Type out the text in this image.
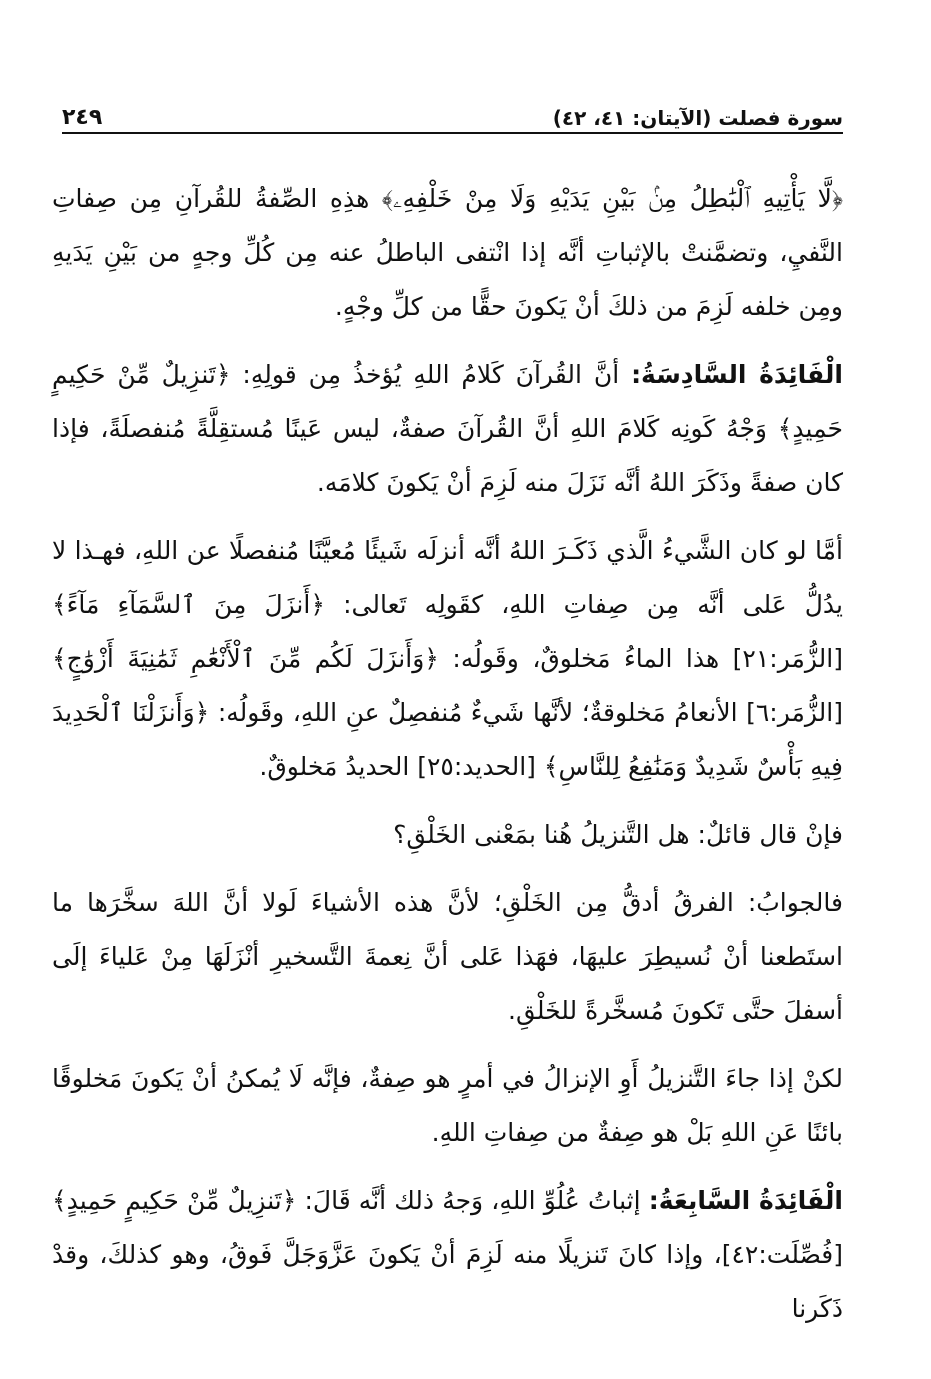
سورة فصلت (الآيتان: ٤١، ٤٢)
٢٤٩

﴿لَّا يَأْتِيهِ ٱلْبَٰطِلُ مِنۢ بَيْنِ يَدَيْهِ وَلَا مِنْ خَلْفِهِۦ﴾ هذِهِ الصِّفةُ للقُرآنِ مِن صِفاتِ النَّفيِ، وتضمَّنتْ بالإثباتِ أنَّه إذا انْتفى الباطلُ عنه مِن كُلِّ وجهٍ من بَيْنِ يَدَيهِ ومِن خلفه لَزِمَ من ذلكَ أنْ يَكونَ حقًّا من كلِّ وجْهٍ.

الْفَائِدَةُ السَّادِسَةُ: أنَّ القُرآنَ كَلامُ اللهِ يُؤخذُ مِن قولِهِ: ﴿تَنزِيلٌ مِّنْ حَكِيمٍ حَمِيدٍ﴾ وَجْهُ كَونِه كَلامَ اللهِ أنَّ القُرآنَ صفةٌ، ليس عَينًا مُستقِلَّةً مُنفصلَةً، فإذا كان صفةً وذَكَرَ اللهُ أنَّه نَزَلَ منه لَزِمَ أنْ يَكونَ كلامَه.

أمَّا لو كان الشَّيءُ الَّذي ذَكَـرَ اللهُ أنَّه أنزلَه شَيئًا مُعيَّنًا مُنفصلًا عن اللهِ، فهـذا لا يدُلُّ عَلى أنَّه مِن صِفاتِ اللهِ، كقَولِه تَعالى: ﴿أَنزَلَ مِنَ ٱلسَّمَآءِ مَآءً﴾ [الزُّمَر:٢١] هذا الماءُ مَخلوقٌ، وقَولُه: ﴿وَأَنزَلَ لَكُم مِّنَ ٱلْأَنْعَٰمِ ثَمَٰنِيَةَ أَزْوَٰجٍ﴾ [الزُّمَر:٦] الأنعامُ مَخلوقةٌ؛ لأنَّها شَيءٌ مُنفصِلٌ عنِ اللهِ، وقَولُه: ﴿وَأَنزَلْنَا ٱلْحَدِيدَ فِيهِ بَأْسٌ شَدِيدٌ وَمَنَٰفِعُ لِلنَّاسِ﴾ [الحديد:٢٥] الحديدُ مَخلوقٌ.

فإنْ قال قائلٌ: هل التَّنزيلُ هُنا بمَعْنى الخَلْقِ؟

فالجوابُ: الفرقُ أدقُّ مِن الخَلْقِ؛ لأنَّ هذه الأشياءَ لَولا أنَّ اللهَ سخَّرَها ما استَطعنا أنْ نُسيطِرَ عليهَا، فهَذا عَلى أنَّ نِعمةَ التَّسخيرِ أنْزَلَهَا مِنْ عَلياءَ إلَى أسفلَ حتَّى تَكونَ مُسخَّرةً للخَلْقِ.

لكنْ إذا جاءَ التَّنزيلُ أَوِ الإنزالُ في أمرٍ هو صِفةٌ، فإنَّه لَا يُمكنُ أنْ يَكونَ مَخلوقًا بائنًا عَنِ اللهِ بَلْ هو صِفةٌ من صِفاتِ اللهِ.

الْفَائِدَةُ السَّابِعَةُ: إثباتُ عُلُوِّ اللهِ، وَجهُ ذلك أنَّه قَالَ: ﴿تَنزِيلٌ مِّنْ حَكِيمٍ حَمِيدٍ﴾ [فُصِّلَت:٤٢]، وإذا كانَ تَنزيلًا منه لَزِمَ أنْ يَكونَ عَزَّوَجَلَّ فَوقُ، وهو كذلكَ، وقدْ ذَكَرنا
